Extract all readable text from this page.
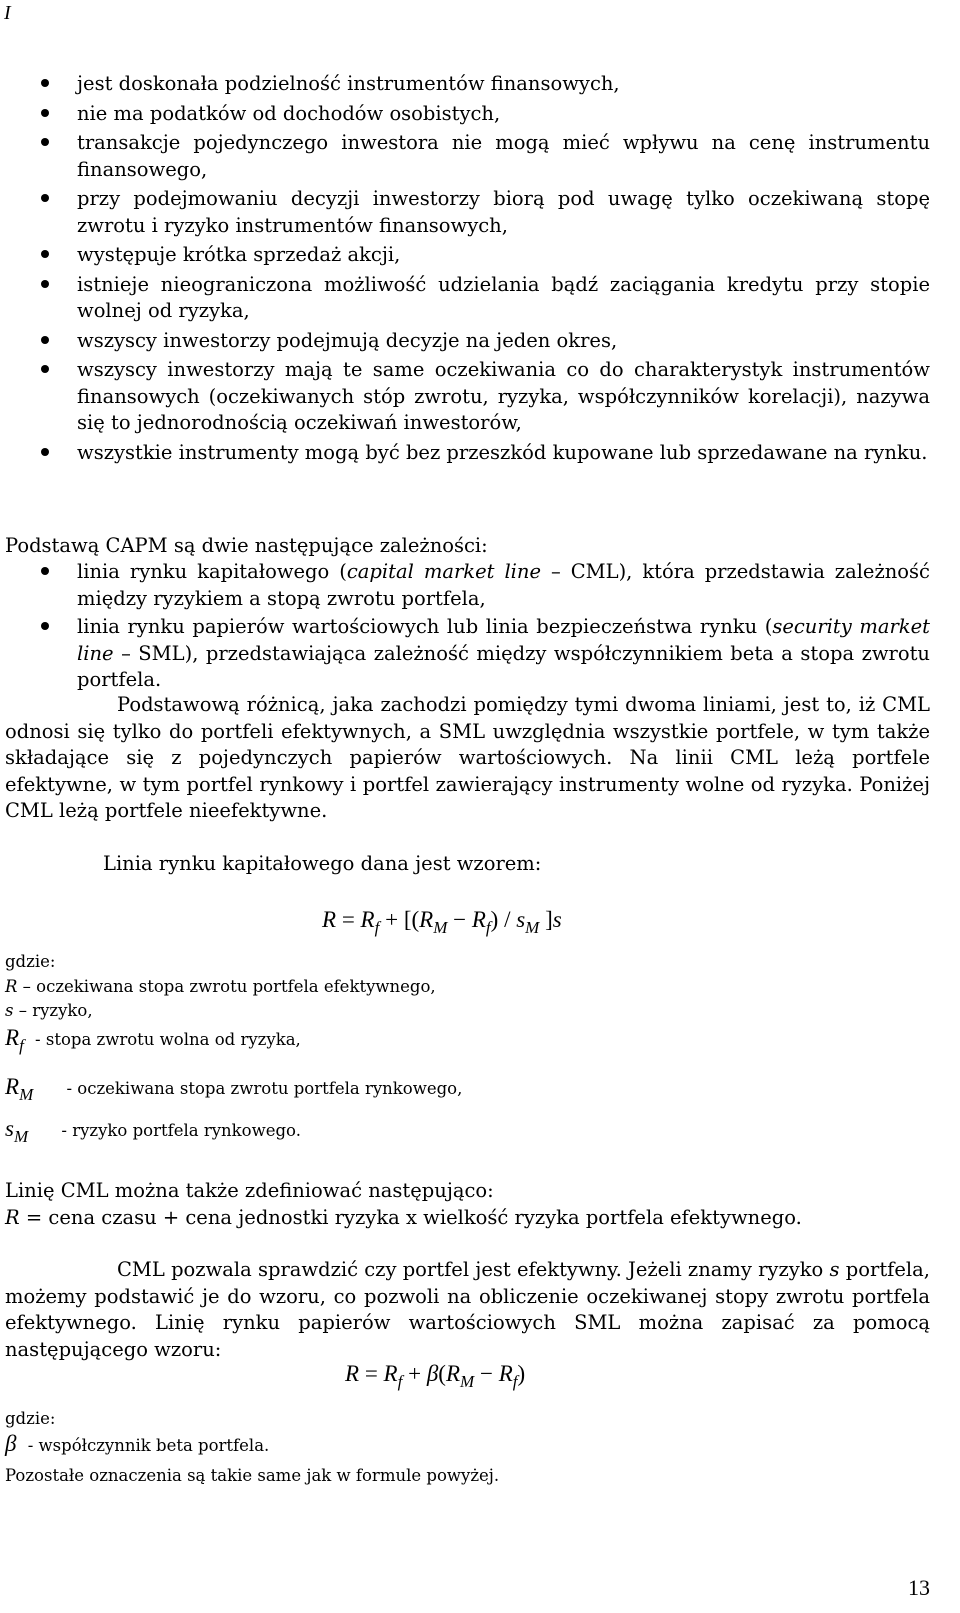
I
jest doskonała podzielność instrumentów finansowych,
nie ma podatków od dochodów osobistych,
transakcje pojedynczego inwestora nie mogą mieć wpływu na cenę instrumentu finansowego,
przy podejmowaniu decyzji inwestorzy biorą pod uwagę tylko oczekiwaną stopę zwrotu i ryzyko instrumentów finansowych,
występuje krótka sprzedaż akcji,
istnieje nieograniczona możliwość udzielania bądź zaciągania kredytu przy stopie wolnej od ryzyka,
wszyscy inwestorzy podejmują decyzje na jeden okres,
wszyscy inwestorzy mają te same oczekiwania co do charakterystyk instrumentów finansowych (oczekiwanych stóp zwrotu, ryzyka, współczynników korelacji), nazywa się to jednorodnością oczekiwań inwestorów,
wszystkie instrumenty mogą być bez przeszkód kupowane lub sprzedawane na rynku.
Podstawą CAPM są dwie następujące zależności:
linia rynku kapitałowego (capital market line – CML), która przedstawia zależność między ryzykiem a stopą zwrotu portfela,
linia rynku papierów wartościowych lub linia bezpieczeństwa rynku (security market line – SML), przedstawiająca zależność między współczynnikiem beta a stopa zwrotu portfela.
Podstawową różnicą, jaka zachodzi pomiędzy tymi dwoma liniami, jest to, iż CML odnosi się tylko do portfeli efektywnych, a SML uwzględnia wszystkie portfele, w tym także składające się z pojedynczych papierów wartościowych. Na linii CML leżą portfele efektywne, w tym portfel rynkowy i portfel zawierający instrumenty wolne od ryzyka. Poniżej CML leżą portfele nieefektywne.
Linia rynku kapitałowego dana jest wzorem:
$R = R_f + [(R_M - R_f) / s_M$ ]s
gdzie:
R – oczekiwana stopa zwrotu portfela efektywnego,
s – ryzyko,
$R_f$ - stopa zwrotu wolna od ryzyka,
$R_M$ - oczekiwana stopa zwrotu portfela rynkowego,
$s_M$ - ryzyko portfela rynkowego.
Linię CML można także zdefiniować następująco:
R = cena czasu + cena jednostki ryzyka x wielkość ryzyka portfela efektywnego.
CML pozwala sprawdzić czy portfel jest efektywny. Jeżeli znamy ryzyko s portfela, możemy podstawić je do wzoru, co pozwoli na obliczenie oczekiwanej stopy zwrotu portfela efektywnego. Linię rynku papierów wartościowych SML można zapisać za pomocą następującego wzoru:
$R = R_f + \beta(R_M - R_f)$
gdzie:
β - współczynnik beta portfela.
Pozostałe oznaczenia są takie same jak w formule powyżej.
13
